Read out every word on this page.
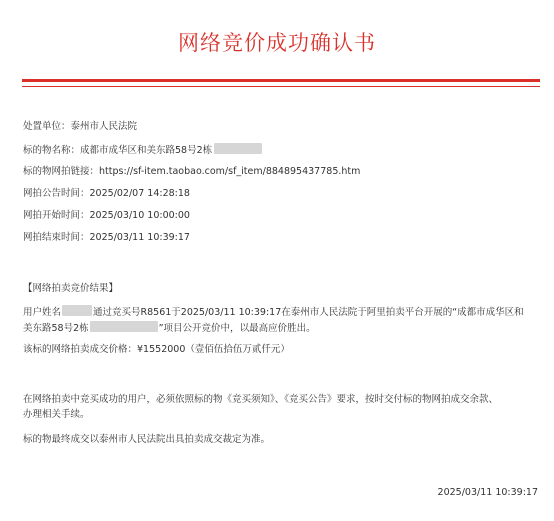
网络竞价成功确认书
处置单位：泰州市人民法院
标的物名称：成都市成华区和美东路58号2栋
标的物网拍链接：https://sf-item.taobao.com/sf_item/884895437785.htm
网拍公告时间：2025/02/07 14:28:18
网拍开始时间：2025/03/10 10:00:00
网拍结束时间：2025/03/11 10:39:17
【网络拍卖竞价结果】
用户姓名	通过竞买号R8561于2025/03/11 10:39:17在泰州市人民法院于阿里拍卖平台开展的“成都市成华区和
美东路58号2栋	”项目公开竞价中，以最高应价胜出。
该标的网络拍卖成交价格：¥1552000（壹佰伍拾伍万贰仟元）
在网络拍卖中竞买成功的用户，必须依照标的物《竞买须知》、《竞买公告》要求，按时交付标的物网拍成交余款、
办理相关手续。
标的物最终成交以泰州市人民法院出具拍卖成交裁定为准。
2025/03/11 10:39:17
